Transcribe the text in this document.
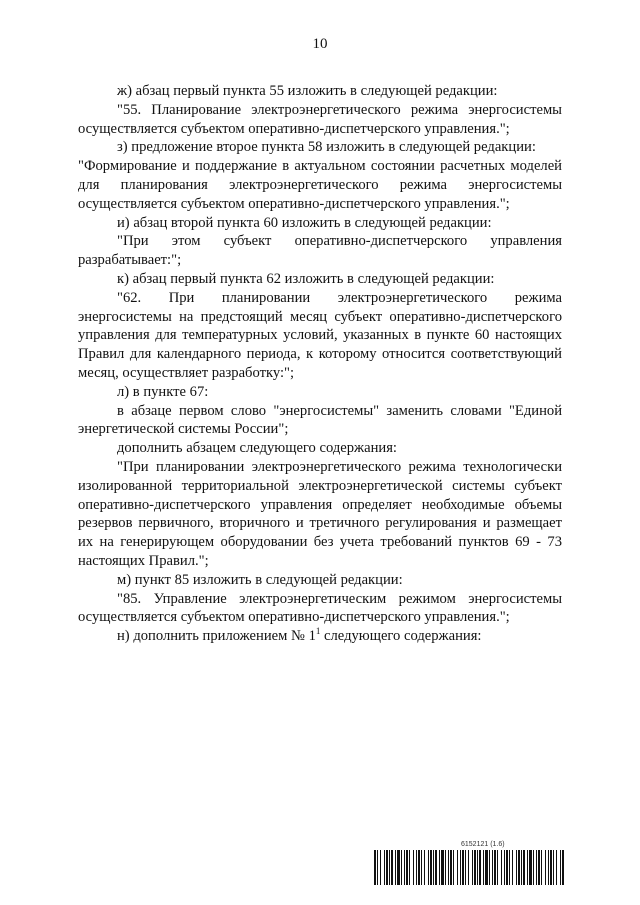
10

ж) абзац первый пункта 55 изложить в следующей редакции:

"55. Планирование электроэнергетического режима энергосистемы осуществляется субъектом оперативно-диспетчерского управления.";

з) предложение второе пункта 58 изложить в следующей редакции:

"Формирование и поддержание в актуальном состоянии расчетных моделей для планирования электроэнергетического режима энергосистемы осуществляется субъектом оперативно-диспетчерского управления.";

и) абзац второй пункта 60 изложить в следующей редакции:

"При этом субъект оперативно-диспетчерского управления разрабатывает:";

к) абзац первый пункта 62 изложить в следующей редакции:

"62. При планировании электроэнергетического режима энергосистемы на предстоящий месяц субъект оперативно-диспетчерского управления для температурных условий, указанных в пункте 60 настоящих Правил для календарного периода, к которому относится соответствующий месяц, осуществляет разработку:";

л) в пункте 67:

в абзаце первом слово "энергосистемы" заменить словами "Единой энергетической системы России";

дополнить абзацем следующего содержания:

"При планировании электроэнергетического режима технологически изолированной территориальной электроэнергетической системы субъект оперативно-диспетчерского управления определяет необходимые объемы резервов первичного, вторичного и третичного регулирования и размещает их на генерирующем оборудовании без учета требований пунктов 69 - 73 настоящих Правил.";

м) пункт 85 изложить в следующей редакции:

"85. Управление электроэнергетическим режимом энергосистемы осуществляется субъектом оперативно-диспетчерского управления.";

н) дополнить приложением № $1^1$ следующего содержания:

6152121 (1.6)
